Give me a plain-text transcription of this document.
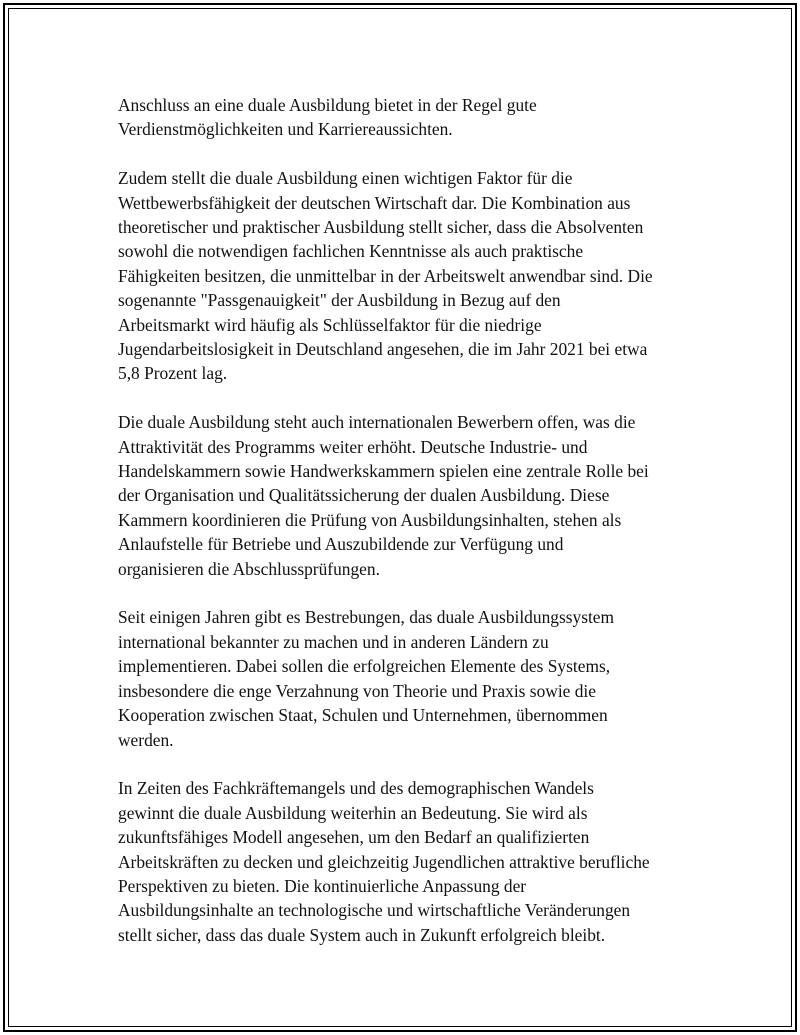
Anschluss an eine duale Ausbildung bietet in der Regel gute
Verdienstmöglichkeiten und Karriereaussichten.

Zudem stellt die duale Ausbildung einen wichtigen Faktor für die
Wettbewerbsfähigkeit der deutschen Wirtschaft dar. Die Kombination aus
theoretischer und praktischer Ausbildung stellt sicher, dass die Absolventen
sowohl die notwendigen fachlichen Kenntnisse als auch praktische
Fähigkeiten besitzen, die unmittelbar in der Arbeitswelt anwendbar sind. Die
sogenannte "Passgenauigkeit" der Ausbildung in Bezug auf den
Arbeitsmarkt wird häufig als Schlüsselfaktor für die niedrige
Jugendarbeitslosigkeit in Deutschland angesehen, die im Jahr 2021 bei etwa
5,8 Prozent lag.

Die duale Ausbildung steht auch internationalen Bewerbern offen, was die
Attraktivität des Programms weiter erhöht. Deutsche Industrie- und
Handelskammern sowie Handwerkskammern spielen eine zentrale Rolle bei
der Organisation und Qualitätssicherung der dualen Ausbildung. Diese
Kammern koordinieren die Prüfung von Ausbildungsinhalten, stehen als
Anlaufstelle für Betriebe und Auszubildende zur Verfügung und
organisieren die Abschlussprüfungen.

Seit einigen Jahren gibt es Bestrebungen, das duale Ausbildungssystem
international bekannter zu machen und in anderen Ländern zu
implementieren. Dabei sollen die erfolgreichen Elemente des Systems,
insbesondere die enge Verzahnung von Theorie und Praxis sowie die
Kooperation zwischen Staat, Schulen und Unternehmen, übernommen
werden.

In Zeiten des Fachkräftemangels und des demographischen Wandels
gewinnt die duale Ausbildung weiterhin an Bedeutung. Sie wird als
zukunftsfähiges Modell angesehen, um den Bedarf an qualifizierten
Arbeitskräften zu decken und gleichzeitig Jugendlichen attraktive berufliche
Perspektiven zu bieten. Die kontinuierliche Anpassung der
Ausbildungsinhalte an technologische und wirtschaftliche Veränderungen
stellt sicher, dass das duale System auch in Zukunft erfolgreich bleibt.
